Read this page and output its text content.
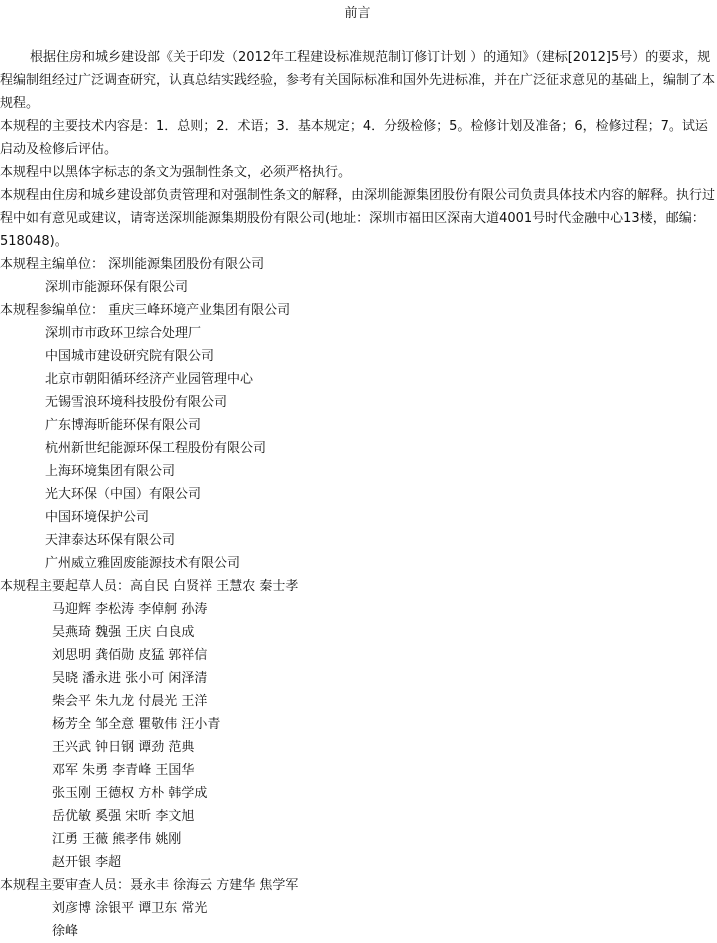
前言

根据住房和城乡建设部《关于印发（2012年工程建设标准规范制订修订计划 ）的通知》（建标[2012]5号）的要求，规程编制组经过广泛调查研究，认真总结实践经验，参考有关国际标准和国外先进标准，并在广泛征求意见的基础上，编制了本规程。

本规程的主要技术内容是：1．总则；2．术语；3．基本规定；4．分级检修；5。检修计划及准备；6，检修过程；7。试运启动及检修后评估。

本规程中以黑体字标志的条文为强制性条文，必须严格执行。

本规程由住房和城乡建设部负责管理和对强制性条文的解释，由深圳能源集团股份有限公司负责具体技术内容的解释。执行过程中如有意见或建议，请寄送深圳能源集期股份有限公司(地址：深圳市福田区深南大道4001号时代金融中心13楼，邮编：518048)。

本规程主编单位： 深圳能源集团股份有限公司

深圳市能源环保有限公司

本规程参编单位： 重庆三峰环境产业集团有限公司

深圳市市政环卫综合处理厂

中国城市建设研究院有限公司

北京市朝阳循环经济产业园管理中心

无锡雪浪环境科技股份有限公司

广东博海昕能环保有限公司

杭州新世纪能源环保工程股份有限公司

上海环境集团有限公司

光大环保（中国）有限公司

中国环境保护公司

天津泰达环保有限公司

广州威立雅固废能源技术有限公司

本规程主要起草人员：高自民 白贤祥 王慧农 秦士孝

马迎辉 李松涛 李倬舸 孙涛

吴燕琦 魏强 王庆 白良成

刘思明 龚佰勋 皮猛 郭祥信

吴晓 潘永进 张小可 闲泽清

柴会平 朱九龙 付晨光 王洋

杨芳全 邹全意 瞿敬伟 汪小青

王兴武 钟日钢 谭劲 范典

邓军 朱勇 李青峰 王国华

张玉刚 王德权 方朴 韩学成

岳优敏 奚强 宋昕 李文旭

江勇 王薇 熊孝伟 姚刚

赵开银 李超

本规程主要审查人员：聂永丰 徐海云 方建华 焦学军

刘彦博 涂银平 谭卫东 常光

徐峰
